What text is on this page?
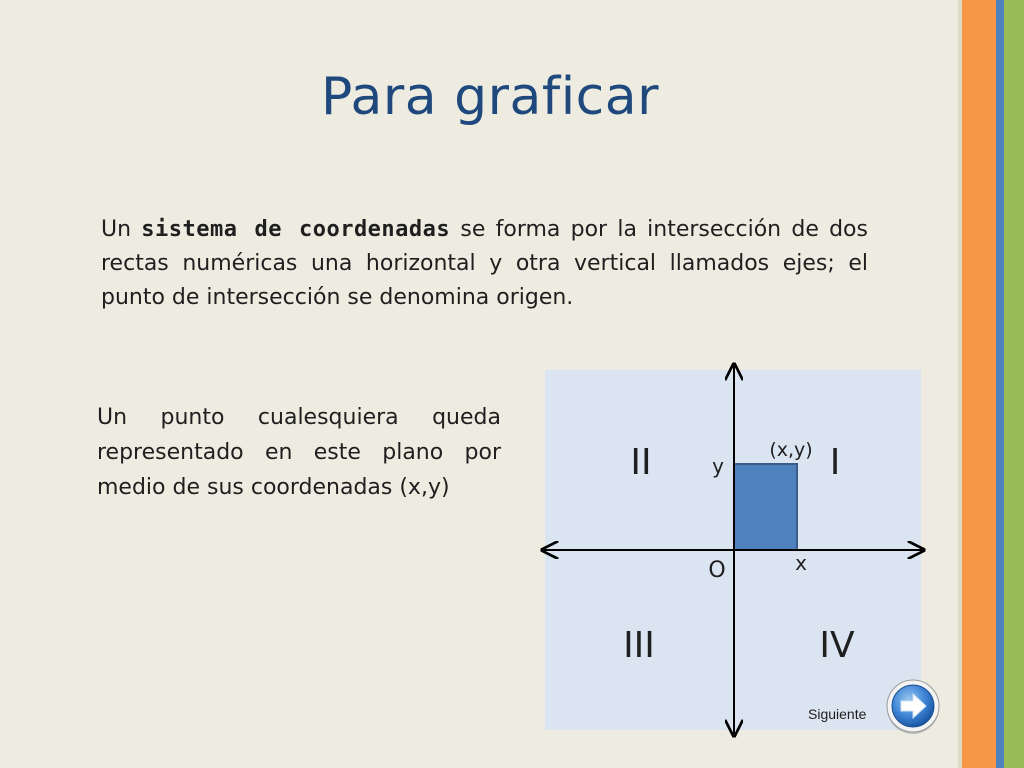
Para graficar
Un sistema de coordenadas se forma por la intersección de dos rectas numéricas una horizontal y otra vertical llamados ejes; el punto de intersección se denomina origen.
Un punto cualesquiera queda representado en este plano por medio de sus coordenadas (x,y)
II	I
III	IV
O	x
y
(x,y)
Siguiente
